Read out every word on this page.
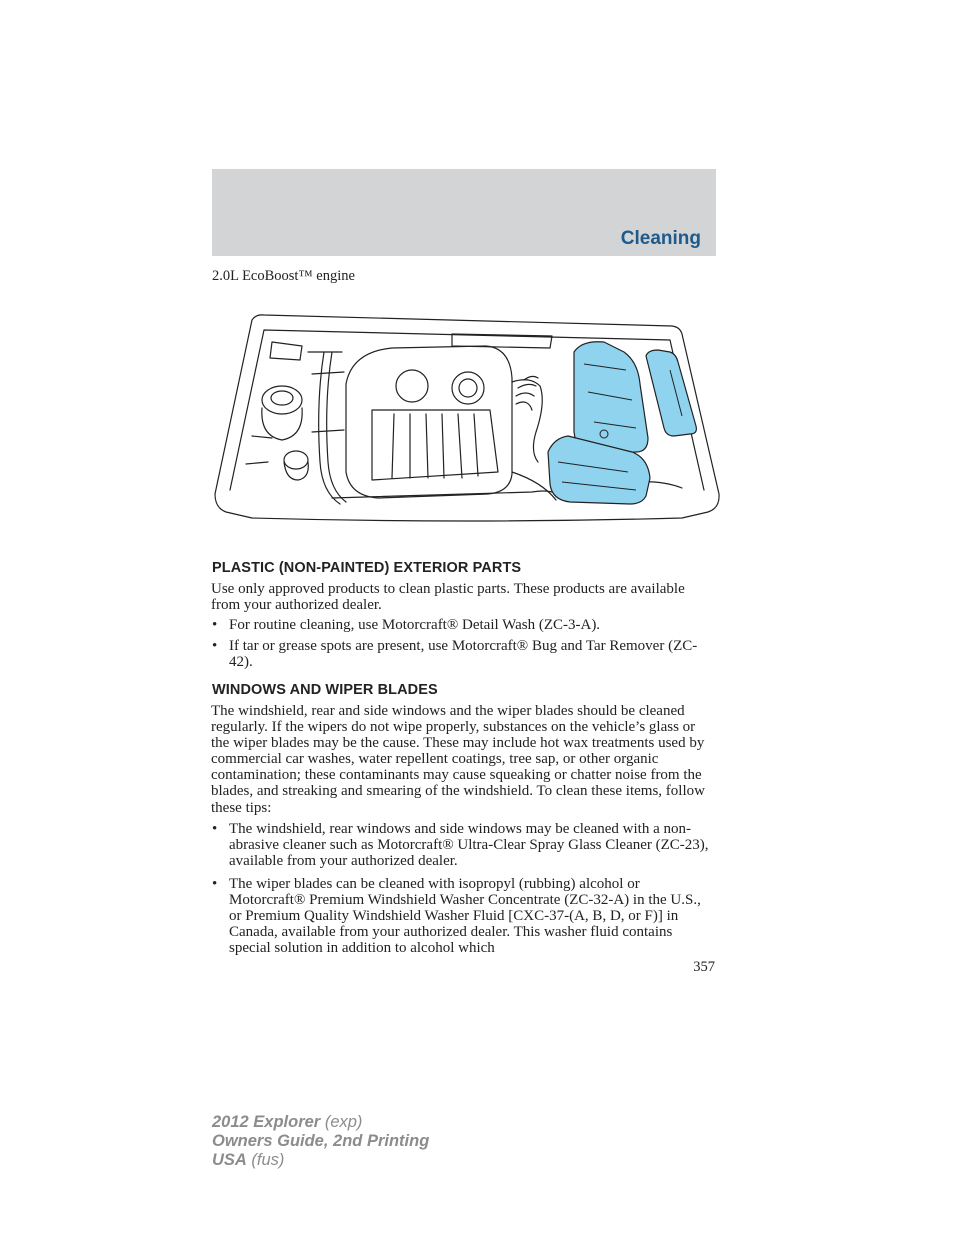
Cleaning
2.0L EcoBoost™ engine
PLASTIC (NON-PAINTED) EXTERIOR PARTS
Use only approved products to clean plastic parts. These products are available from your authorized dealer.
• For routine cleaning, use Motorcraft® Detail Wash (ZC-3-A).
• If tar or grease spots are present, use Motorcraft® Bug and Tar Remover (ZC-42).
WINDOWS AND WIPER BLADES
The windshield, rear and side windows and the wiper blades should be cleaned regularly. If the wipers do not wipe properly, substances on the vehicle’s glass or the wiper blades may be the cause. These may include hot wax treatments used by commercial car washes, water repellent coatings, tree sap, or other organic contamination; these contaminants may cause squeaking or chatter noise from the blades, and streaking and smearing of the windshield. To clean these items, follow these tips:
• The windshield, rear windows and side windows may be cleaned with a non-abrasive cleaner such as Motorcraft® Ultra-Clear Spray Glass Cleaner (ZC-23), available from your authorized dealer.
• The wiper blades can be cleaned with isopropyl (rubbing) alcohol or Motorcraft® Premium Windshield Washer Concentrate (ZC-32-A) in the U.S., or Premium Quality Windshield Washer Fluid [CXC-37-(A, B, D, or F)] in Canada, available from your authorized dealer. This washer fluid contains special solution in addition to alcohol which
357
2012 Explorer (exp)
Owners Guide, 2nd Printing
USA (fus)
